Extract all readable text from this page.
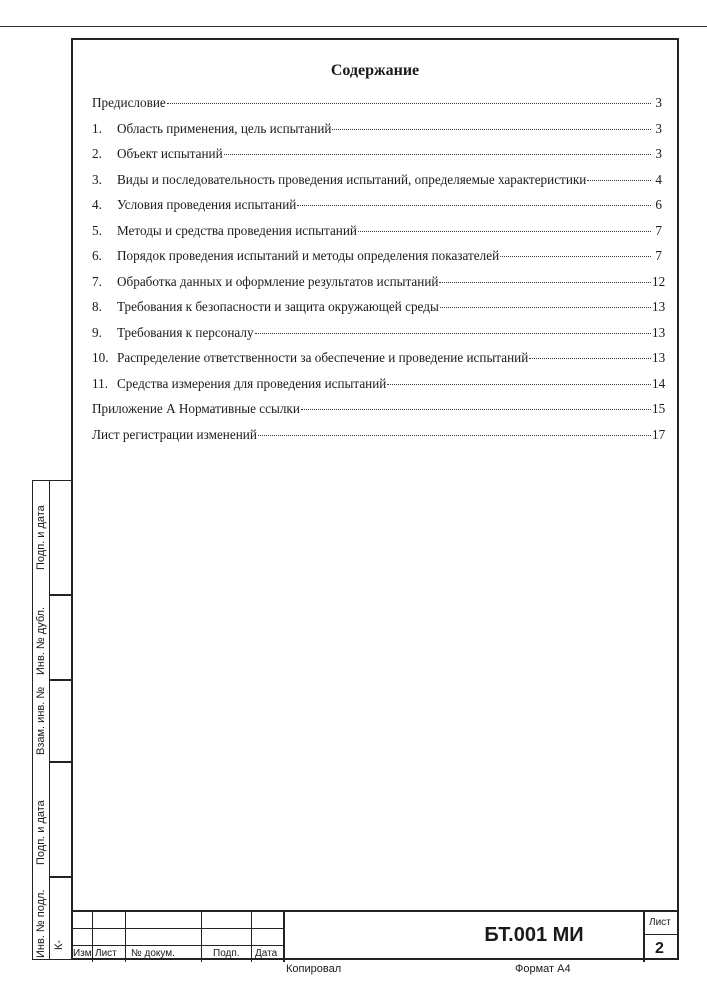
Содержание
Предисловие	3
1.	Область применения, цель испытаний	3
2.	Объект испытаний	3
3.	Виды и последовательность проведения испытаний, определяемые характеристики	4
4.	Условия проведения испытаний	6
5.	Методы и средства проведения испытаний	7
6.	Порядок проведения испытаний и методы определения показателей	7
7.	Обработка данных и оформление результатов испытаний	12
8.	Требования к безопасности и защита окружающей среды	13
9.	Требования к персоналу	13
10. Распределение ответственности за обеспечение и проведение испытаний	13
11. Средства измерения для проведения испытаний	14
Приложение А Нормативные ссылки	15
Лист регистрации изменений	17
Подп. и дата
Инв. № дубл.
Взам. инв. №
Подп. и дата
Инв. № подл. К-
Изм Лист № докум.	Подп. Дата
БТ.001 МИ
Лист
2
Копировал	Формат А4
